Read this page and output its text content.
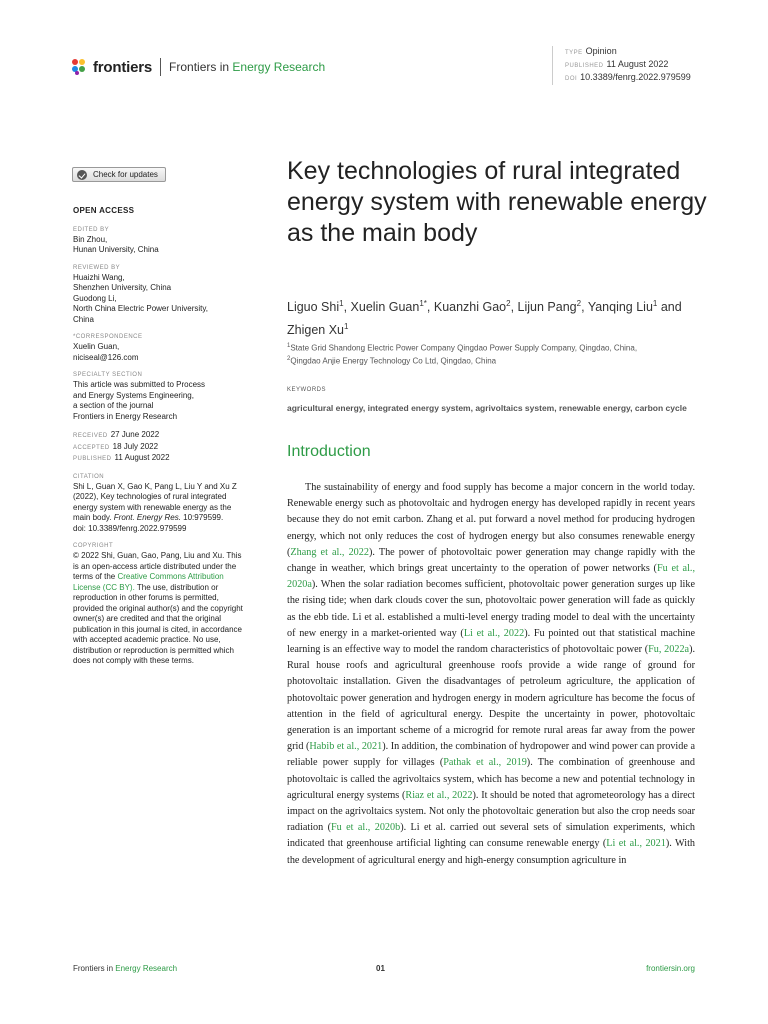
frontiers Frontiers in Energy Research
TYPE Opinion
PUBLISHED 11 August 2022
DOI 10.3389/fenrg.2022.979599
Check for updates
OPEN ACCESS
EDITED BY
Bin Zhou,
Hunan University, China
REVIEWED BY
Huaizhi Wang,
Shenzhen University, China
Guodong Li,
North China Electric Power University,
China
*CORRESPONDENCE
Xuelin Guan,
niciseal@126.com
SPECIALTY SECTION
This article was submitted to Process
and Energy Systems Engineering,
a section of the journal
Frontiers in Energy Research
RECEIVED 27 June 2022
ACCEPTED 18 July 2022
PUBLISHED 11 August 2022
CITATION
Shi L, Guan X, Gao K, Pang L, Liu Y and Xu Z (2022), Key technologies of rural integrated energy system with renewable energy as the main body. Front. Energy Res. 10:979599.
doi: 10.3389/fenrg.2022.979599
COPYRIGHT
© 2022 Shi, Guan, Gao, Pang, Liu and Xu. This is an open-access article distributed under the terms of the Creative Commons Attribution License (CC BY). The use, distribution or reproduction in other forums is permitted, provided the original author(s) and the copyright owner(s) are credited and that the original publication in this journal is cited, in accordance with accepted academic practice. No use, distribution or reproduction is permitted which does not comply with these terms.
Key technologies of rural integrated energy system with renewable energy as the main body
Liguo Shi$^1$, Xuelin Guan$^{1*}$, Kuanzhi Gao$^2$, Lijun Pang$^2$, Yanqing Liu$^1$ and Zhigen Xu$^1$
$^1$State Grid Shandong Electric Power Company Qingdao Power Supply Company, Qingdao, China,
$^2$Qingdao Anjie Energy Technology Co Ltd, Qingdao, China
KEYWORDS
agricultural energy, integrated energy system, agrivoltaics system, renewable energy, carbon cycle
Introduction

The sustainability of energy and food supply has become a major concern in the world today. Renewable energy such as photovoltaic and hydrogen energy has developed rapidly in recent years because they do not emit carbon. Zhang et al. put forward a novel method for producing hydrogen energy, which not only reduces the cost of hydrogen energy but also consumes renewable energy (Zhang et al., 2022). The power of photovoltaic power generation may change rapidly with the change in weather, which brings great uncertainty to the operation of power networks (Fu et al., 2020a). When the solar radiation becomes sufficient, photovoltaic power generation surges up like the rising tide; when dark clouds cover the sun, photovoltaic power generation will fade as quickly as the ebb tide. Li et al. established a multi-level energy trading model to deal with the uncertainty of new energy in a market-oriented way (Li et al., 2022). Fu pointed out that statistical machine learning is an effective way to model the random characteristics of photovoltaic power (Fu, 2022a). Rural house roofs and agricultural greenhouse roofs provide a wide range of ground for photovoltaic installation. Given the disadvantages of petroleum agriculture, the application of photovoltaic power generation and hydrogen energy in modern agriculture has become the focus of attention in the field of agricultural energy. Despite the uncertainty in power, photovoltaic generation is an important scheme of a microgrid for remote rural areas far away from the power grid (Habib et al., 2021). In addition, the combination of hydropower and wind power can provide a reliable power supply for villages (Pathak et al., 2019). The combination of greenhouse and photovoltaic is called the agrivoltaics system, which has become a new and potential technology in agricultural energy systems (Riaz et al., 2022). It should be noted that agrometeorology has a direct impact on the agrivoltaics system. Not only the photovoltaic generation but also the crop needs soar radiation (Fu et al., 2020b). Li et al. carried out several sets of simulation experiments, which indicated that greenhouse artificial lighting can consume renewable energy (Li et al., 2021). With the development of agricultural energy and high-energy consumption agriculture in

Frontiers in Energy Research	01	frontiersin.org
